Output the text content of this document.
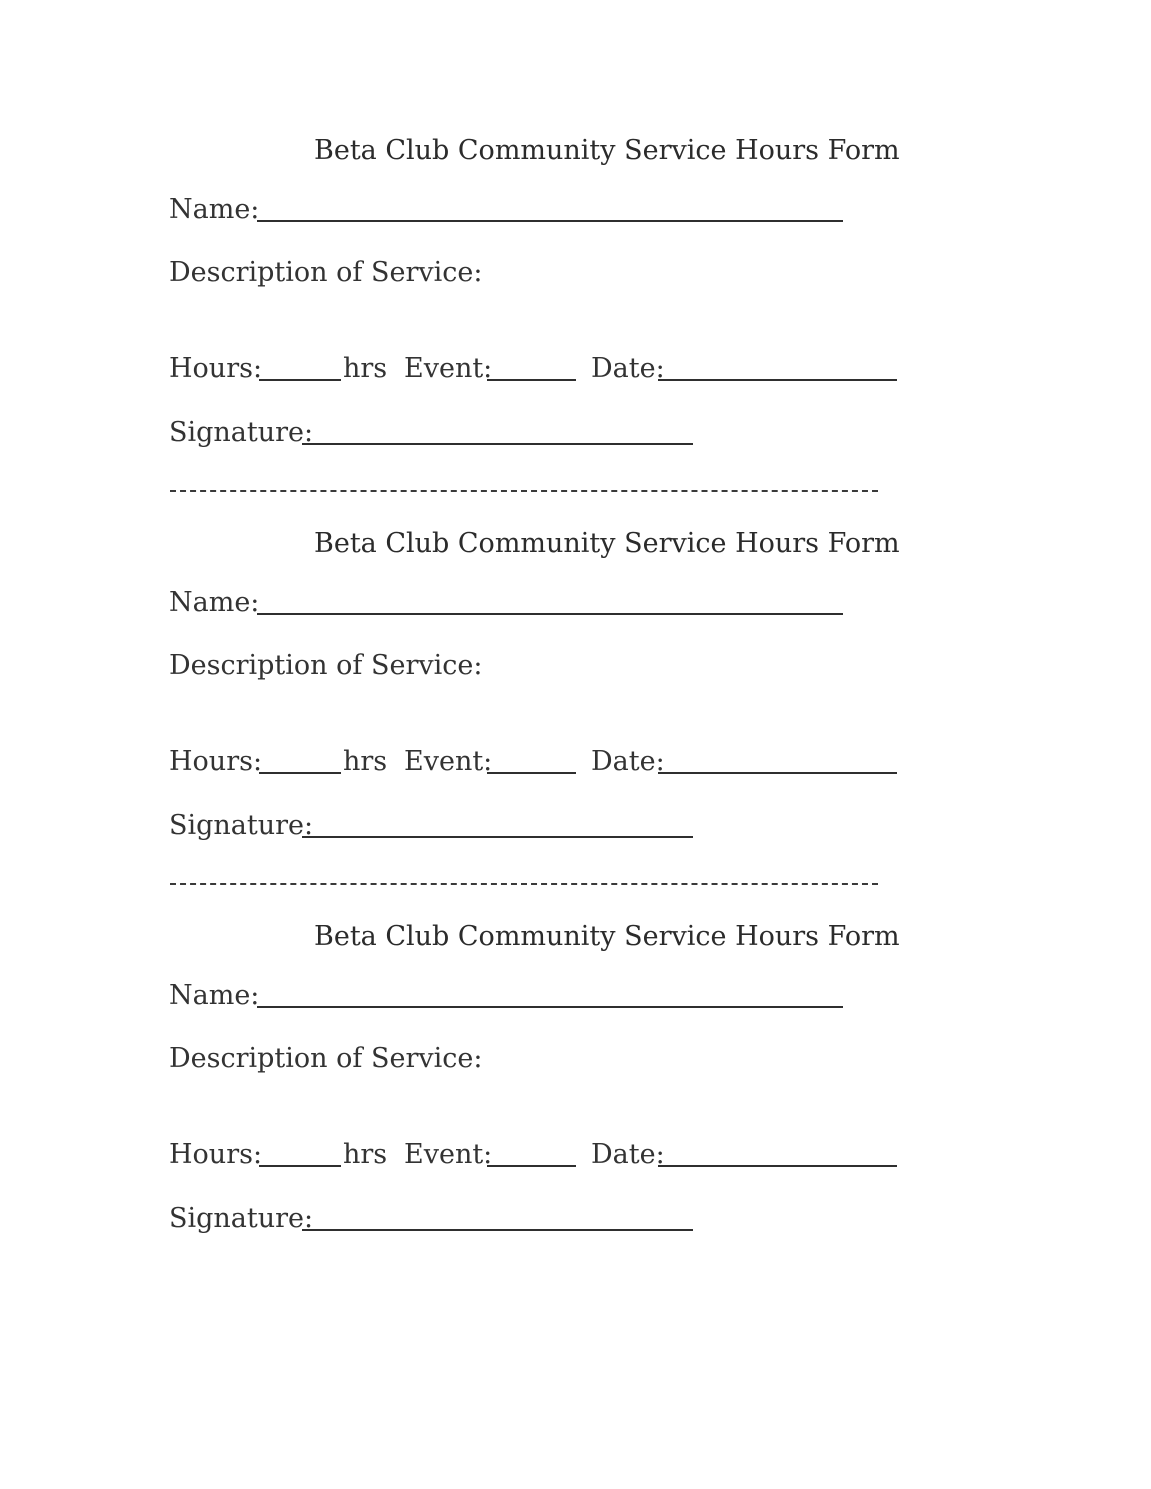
Beta Club Community Service Hours Form
Name:
Description of Service:
Hours:	hrs Event:	Date:
Signature:
Beta Club Community Service Hours Form
Name:
Description of Service:
Hours:	hrs Event:	Date:
Signature:
Beta Club Community Service Hours Form
Name:
Description of Service:
Hours:	hrs Event:	Date:
Signature:
